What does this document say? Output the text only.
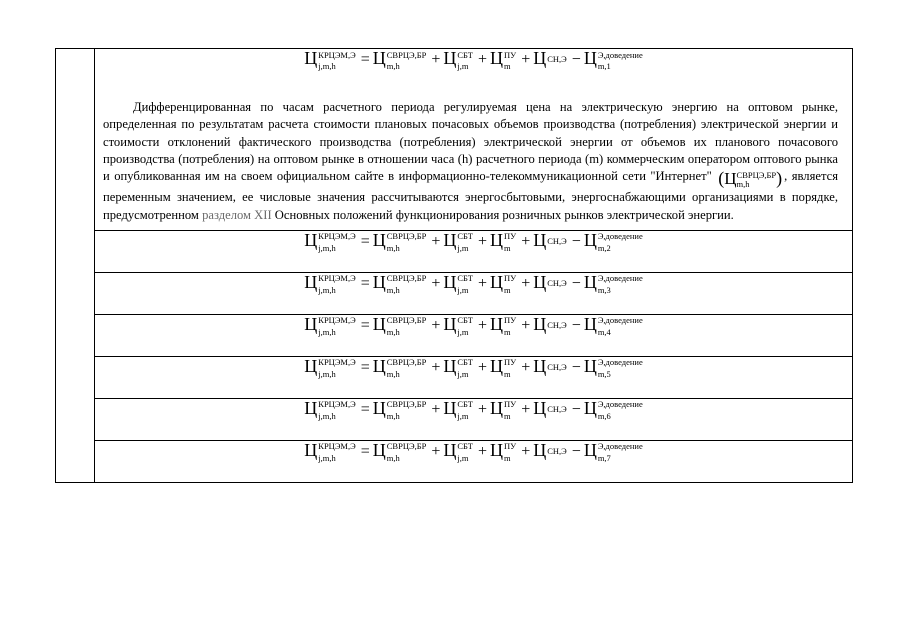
Ц КРЦЭМ,Э
j,m,h	= Ц СВРЦЭ,БР
m,h	+ Ц СБТ
j,m + Ц ПУ
m + Ц СН,Э − Ц Э,доведение
m,1
Дифференцированная по часам расчетного периода регулируемая цена на электрическую энергию на оптовом рынке, определенная по результатам расчета стоимости плановых почасовых объемов производства (потребления) электрической энергии и стоимости отклонений фактического производства (потребления) электрической энергии от объемов их планового почасового производства (потребления) на оптовом рынке в отношении часа (h) расчетного периода (m) коммерческим оператором оптового рынка и опубликованная им на своем официальном сайте в информационно-телекоммуникационной сети "Интернет" (Ц СВРЦЭ,БР
m,h	) , является переменным значением, ее числовые значения рассчитываются энергосбытовыми, энергоснабжающими организациями в порядке, предусмотренном разделом XII Основных положений функционирования розничных рынков электрической энергии.

Ц КРЦЭМ,Э
j,m,h	= Ц СВРЦЭ,БР
m,h	+ Ц СБТ
j,m + Ц ПУ
m + Ц СН,Э − Ц Э,доведение
m,2

Ц КРЦЭМ,Э
j,m,h	= Ц СВРЦЭ,БР
m,h	+ Ц СБТ
j,m + Ц ПУ
m + Ц СН,Э − Ц Э,доведение
m,3

Ц КРЦЭМ,Э
j,m,h	= Ц СВРЦЭ,БР
m,h	+ Ц СБТ
j,m + Ц ПУ
m + Ц СН,Э − Ц Э,доведение
m,4

Ц КРЦЭМ,Э
j,m,h	= Ц СВРЦЭ,БР
m,h	+ Ц СБТ
j,m + Ц ПУ
m + Ц СН,Э − Ц Э,доведение
m,5

Ц КРЦЭМ,Э
j,m,h	= Ц СВРЦЭ,БР
m,h	+ Ц СБТ
j,m + Ц ПУ
m + Ц СН,Э − Ц Э,доведение
m,6

Ц КРЦЭМ,Э
j,m,h	= Ц СВРЦЭ,БР
m,h	+ Ц СБТ
j,m + Ц ПУ
m + Ц СН,Э − Ц Э,доведение
m,7
